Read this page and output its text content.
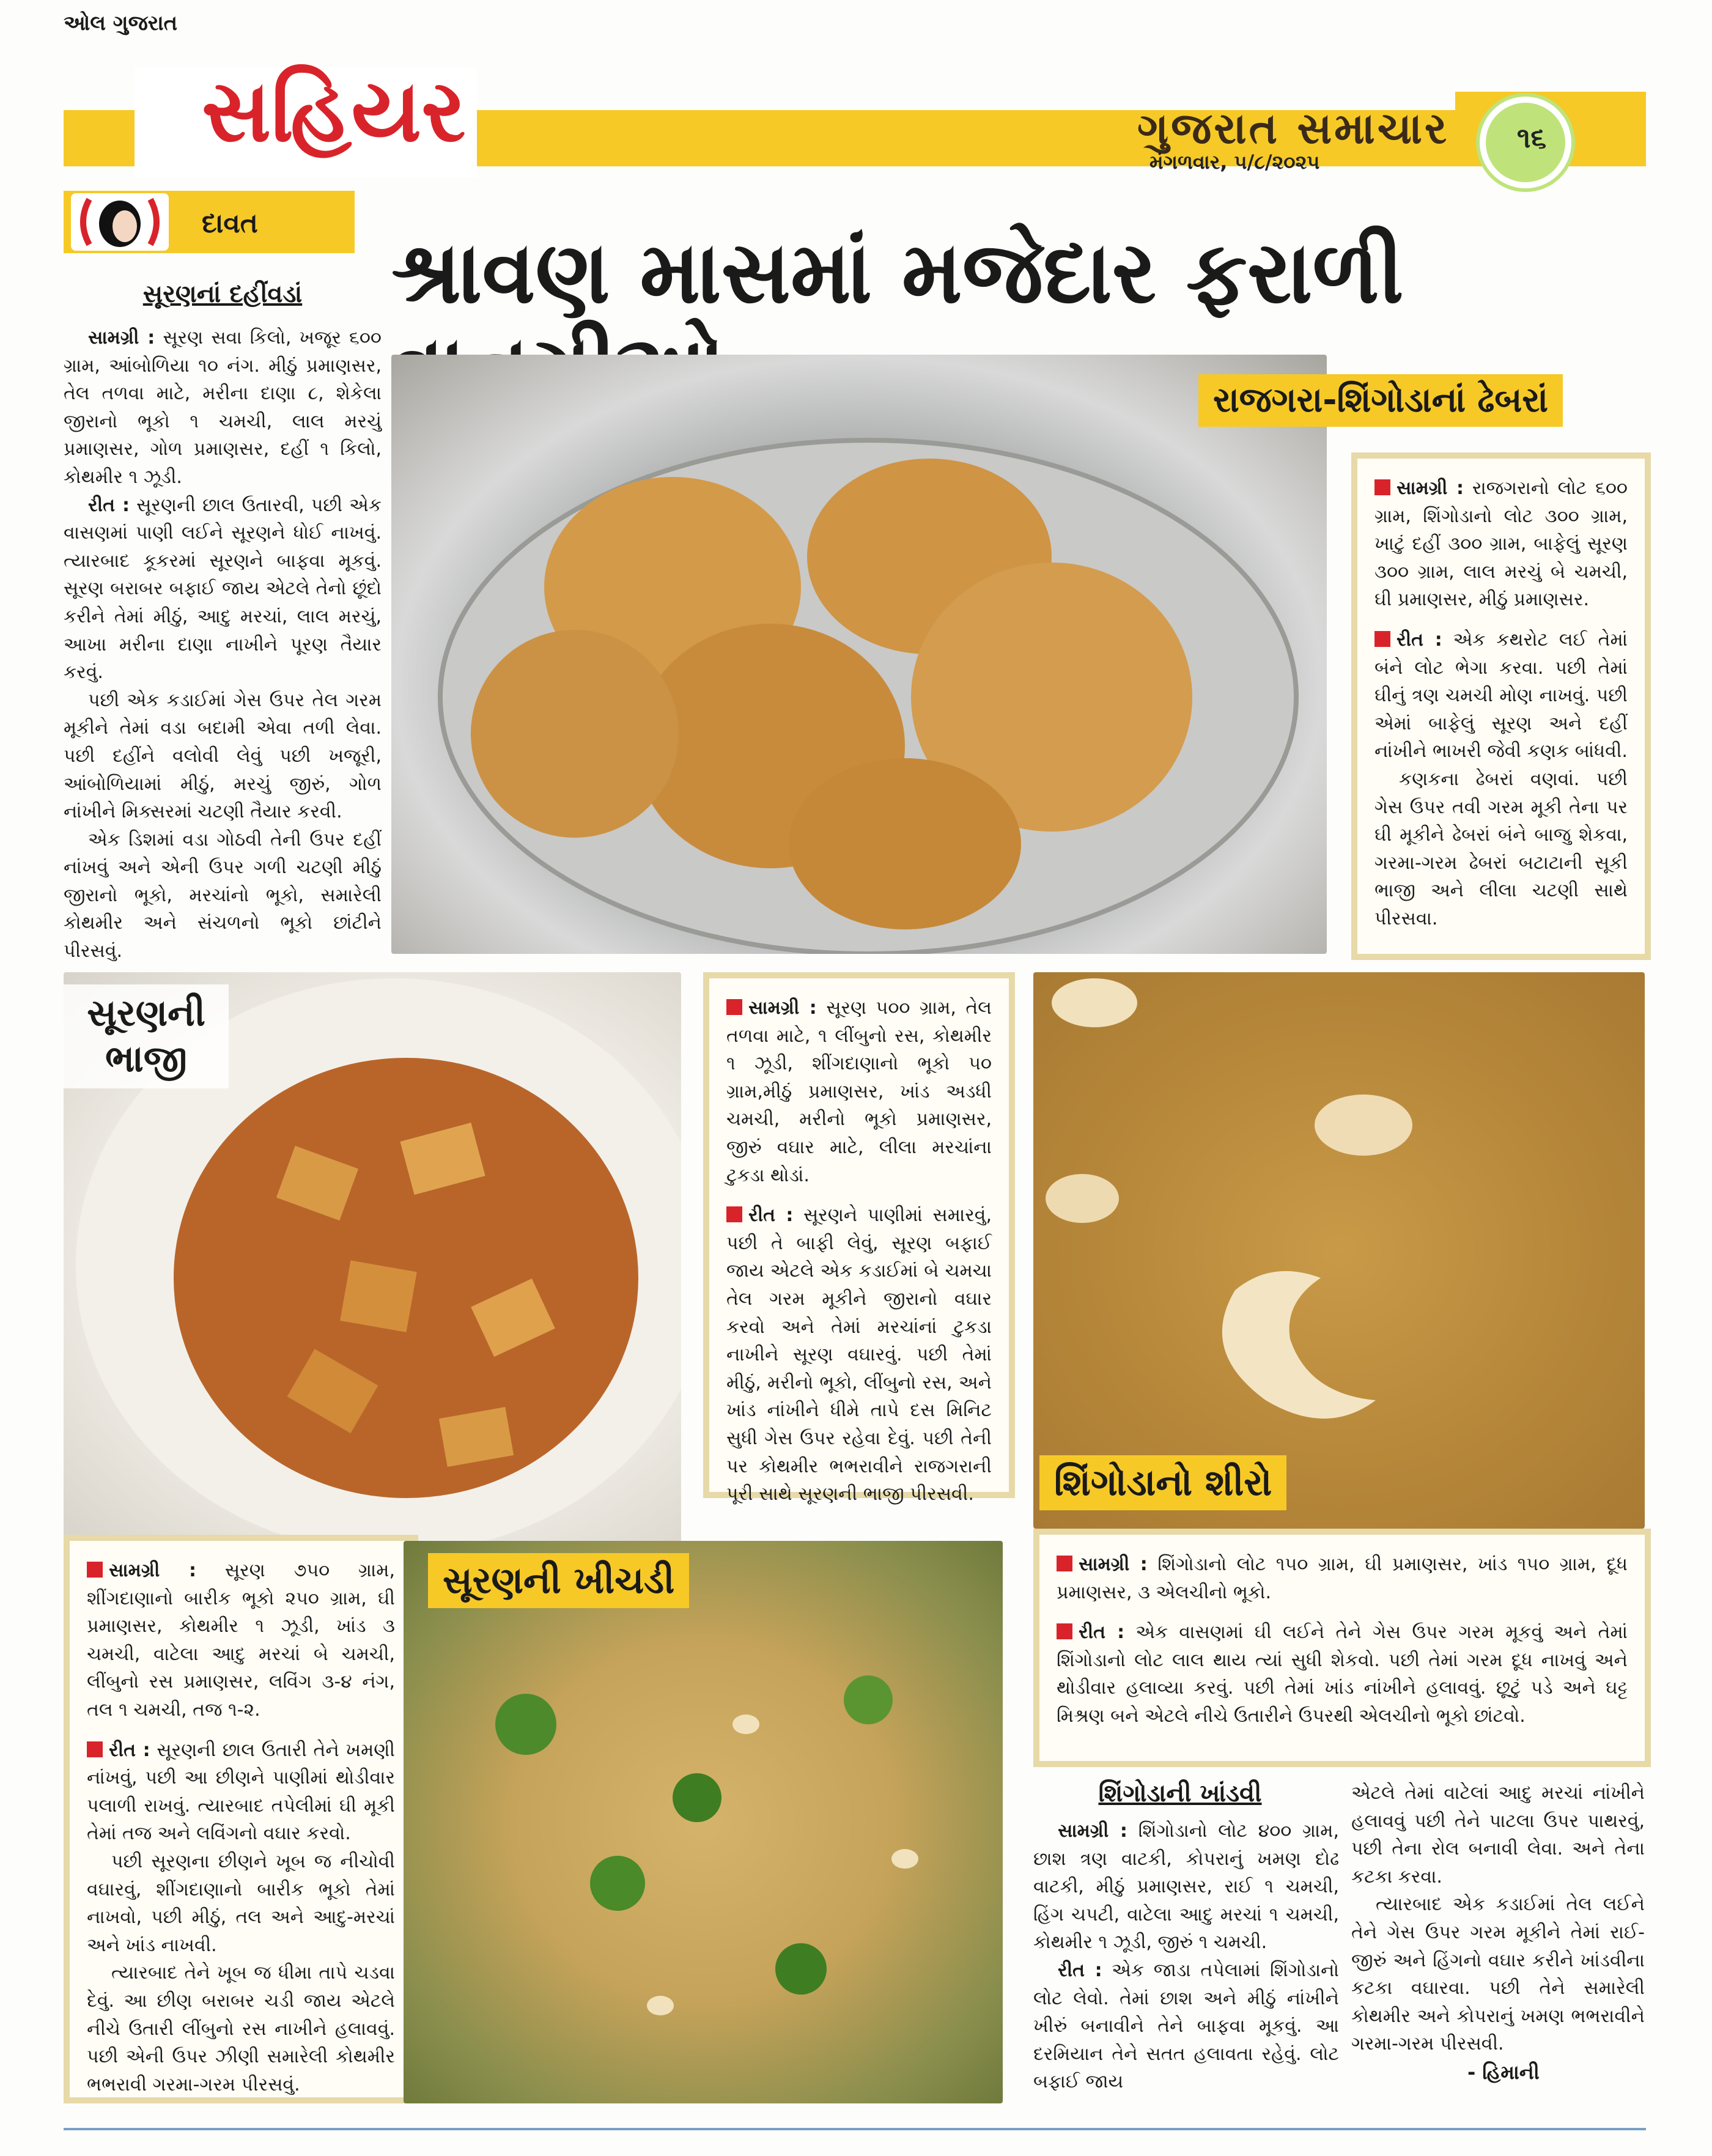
ઓલ ગુજરાત
સહિયર	ગુજરાત સમાચાર
મંગળવાર, ૫/૮/૨૦૨૫
૧૬
દાવત શ્રાવણ માસમાં મજેદાર ફરાળી
સૂરણનાં દહીંવડાં

સામગ્રી : સૂરણ સવા કિલો, ખજૂર ૬૦૦ ગ્રામ, આંબોળિયા ૧૦ નંગ. મીઠું પ્રમાણસર, તેલ તળવા માટે, મરીના દાણા ૮, શેકેલા જીરાનો ભૂકો ૧ ચમચી, લાલ મરચું પ્રમાણસર, ગોળ પ્રમાણસર, દહીં ૧ કિલો, કોથમીર ૧ ઝૂડી.

રીત : સૂરણની છાલ ઉતારવી, પછી એક વાસણમાં પાણી લઈને સૂરણને ધોઈ નાખવું. ત્યારબાદ કૂકરમાં સૂરણને બાફવા મૂકવું. સૂરણ બરાબર બફાઈ જાય એટલે તેનો છૂંદો કરીને તેમાં મીઠું, આદુ મરચાં, લાલ મરચું, આખા મરીના દાણા નાખીને પૂરણ તૈયાર કરવું.

પછી એક કડાઈમાં ગેસ ઉપર તેલ ગરમ મૂકીને તેમાં વડા બદામી એવા તળી લેવા. પછી દહીંને વલોવી લેવું પછી ખજૂરી, આંબોળિયામાં મીઠું, મરચું જીરું, ગોળ નાંખીને મિક્સરમાં ચટણી તૈયાર કરવી.

એક ડિશમાં વડા ગોઠવી તેની ઉપર દહીં નાંખવું અને એની ઉપર ગળી ચટણી મીઠું જીરાનો ભૂકો, મરચાંનો ભૂકો, સમારેલી કોથમીર અને સંચળનો ભૂકો છાંટીને પીરસવું.

રાજગરા-શિંગોડાનાં ઢેબરાં

સામગ્રી : રાજગરાનો લોટ ૬૦૦ ગ્રામ, શિંગોડાનો લોટ ૩૦૦ ગ્રામ, ખાટું દહીં ૩૦૦ ગ્રામ, બાફેલું સૂરણ ૩૦૦ ગ્રામ, લાલ મરચું બે ચમચી, ઘી પ્રમાણસર, મીઠું પ્રમાણસર.

રીત : એક કથરોટ લઈ તેમાં બંને લોટ ભેગા કરવા. પછી તેમાં ઘીનું ત્રણ ચમચી મોણ નાખવું. પછી એમાં બાફેલું સૂરણ અને દહીં નાંખીને ભાખરી જેવી કણક બાંધવી.

કણકના ઢેબરાં વણવાં. પછી ગેસ ઉપર તવી ગરમ મૂકી તેના પર ઘી મૂકીને ઢેબરાં બંને બાજુ શેકવા, ગરમા-ગરમ ઢેબરાં બટાટાની સૂકી ભાજી અને લીલા ચટણી સાથે પીરસવા.

સૂરણની ભાજી

સામગ્રી : સૂરણ ૫૦૦ ગ્રામ, તેલ તળવા માટે, ૧ લીંબુનો રસ, કોથમીર ૧ ઝૂડી, શીંગદાણાનો ભૂકો ૫૦ ગ્રામ,મીઠું પ્રમાણસર, ખાંડ અડધી ચમચી, મરીનો ભૂકો પ્રમાણસર, જીરું વઘાર માટે, લીલા મરચાંના ટુકડા થોડાં.

રીત : સૂરણને પાણીમાં સમારવું, પછી તે બાફી લેવું, સૂરણ બફાઈ જાય એટલે એક કડાઈમાં બે ચમચા તેલ ગરમ મૂકીને જીરાનો વઘાર કરવો અને તેમાં મરચાંનાં ટુકડા નાખીને સૂરણ વઘારવું. પછી તેમાં મીઠું, મરીનો ભૂકો, લીંબુનો રસ, અને ખાંડ નાંખીને ધીમે તાપે દસ મિનિટ સુધી ગેસ ઉપર રહેવા દેવું. પછી તેની પર કોથમીર ભભરાવીને રાજગરાની પૂરી સાથે સૂરણની ભાજી પીરસવી.	શિંગોડાનો શીરો

સામગ્રી : શિંગોડાનો લોટ ૧૫૦ ગ્રામ, ઘી પ્રમાણસર, ખાંડ ૧૫૦ ગ્રામ, દૂધ પ્રમાણસર, ૩ એલચીનો ભૂકો.

રીત : એક વાસણમાં ઘી લઈને તેને ગેસ ઉપર ગરમ મૂકવું અને તેમાં શિંગોડાનો લોટ લાલ થાય ત્યાં સુધી શેકવો. પછી તેમાં ગરમ દૂધ નાખવું અને થોડીવાર હલાવ્યા કરવું. પછી તેમાં ખાંડ નાંખીને હલાવવું. છૂટું પડે અને ઘટ્ટ મિશ્રણ બને એટલે નીચે ઉતારીને ઉપરથી એલચીનો ભૂકો છાંટવો.

સામગ્રી : સૂરણ ૭૫૦ ગ્રામ, શીંગદાણાનો બારીક ભૂકો ૨૫૦ ગ્રામ, ઘી પ્રમાણસર, કોથમીર ૧ ઝૂડી, ખાંડ ૩ ચમચી, વાટેલા આદુ મરચાં બે ચમચી, લીંબુનો રસ પ્રમાણસર, લવિંગ ૩-૪ નંગ, તલ ૧ ચમચી, તજ ૧-૨.

રીત : સૂરણની છાલ ઉતારી તેને ખમણી નાંખવું, પછી આ છીણને પાણીમાં થોડીવાર પલાળી રાખવું. ત્યારબાદ તપેલીમાં ઘી મૂકી તેમાં તજ અને લવિંગનો વઘાર કરવો.

પછી સૂરણના છીણને ખૂબ જ નીચોવી વઘારવું, શીંગદાણાનો બારીક ભૂકો તેમાં નાખવો, પછી મીઠું, તલ અને આદુ-મરચાં અને ખાંડ નાખવી.

ત્યારબાદ તેને ખૂબ જ ધીમા તાપે ચડવા દેવું. આ છીણ બરાબર ચડી જાય એટલે નીચે ઉતારી લીંબુનો રસ નાખીને હલાવવું. પછી એની ઉપર ઝીણી સમારેલી કોથમીર ભભરાવી ગરમા-ગરમ પીરસવું.

સૂરણની ખીચડી
શિંગોડાની ખાંડવી

સામગ્રી : શિંગોડાનો લોટ ૪૦૦ ગ્રામ, છાશ ત્રણ વાટકી, કોપરાનું ખમણ દોઢ વાટકી, મીઠું પ્રમાણસર, રાઈ ૧ ચમચી, હિંગ ચપટી, વાટેલા આદુ મરચાં ૧ ચમચી, કોથમીર ૧ ઝૂડી, જીરું ૧ ચમચી.

રીત : એક જાડા તપેલામાં શિંગોડાનો લોટ લેવો. તેમાં છાશ અને મીઠું નાંખીને ખીરું બનાવીને તેને બાફવા મૂકવું. આ દરમિયાન તેને સતત હલાવતા રહેવું. લોટ બફાઈ જાય

એટલે તેમાં વાટેલાં આદુ મરચાં નાંખીને હલાવવું પછી તેને પાટલા ઉપર પાથરવું, પછી તેના રોલ બનાવી લેવા. અને તેના કટકા કરવા.

ત્યારબાદ એક કડાઈમાં તેલ લઈને તેને ગેસ ઉપર ગરમ મૂકીને તેમાં રાઈ-જીરું અને હિંગનો વઘાર કરીને ખાંડવીના કટકા વઘારવા. પછી તેને સમારેલી કોથમીર અને કોપરાનું ખમણ ભભરાવીને ગરમા-ગરમ પીરસવી.

- હિમાની
